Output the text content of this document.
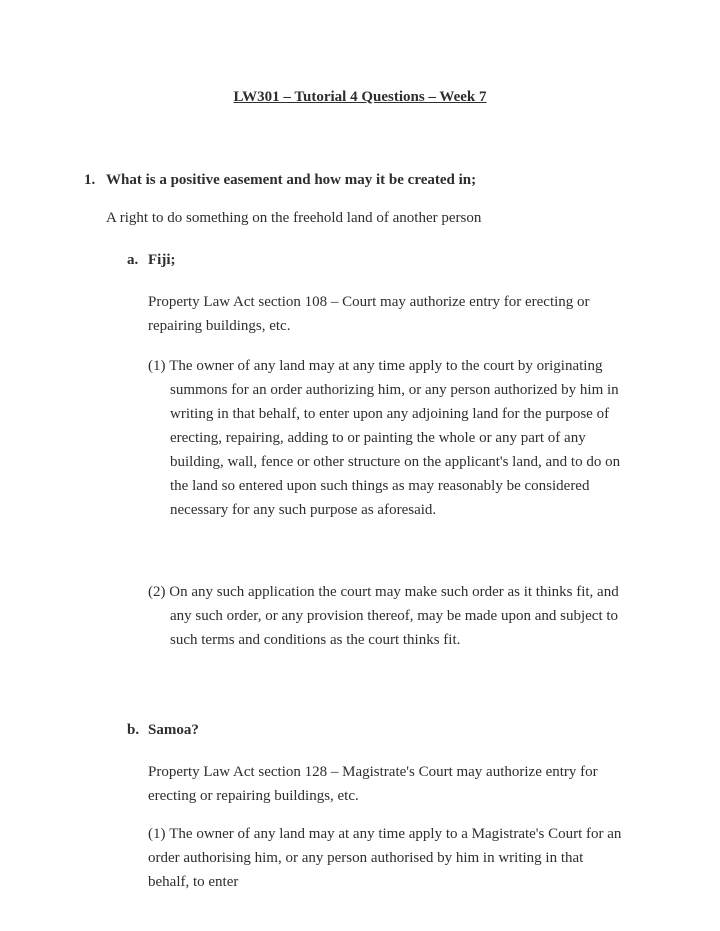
LW301 – Tutorial 4 Questions – Week 7

1. What is a positive easement and how may it be created in;

A right to do something on the freehold land of another person

a. Fiji;

Property Law Act section 108 – Court may authorize entry for erecting or repairing buildings, etc.

(1) The owner of any land may at any time apply to the court by originating summons for an order authorizing him, or any person authorized by him in writing in that behalf, to enter upon any adjoining land for the purpose of erecting, repairing, adding to or painting the whole or any part of any building, wall, fence or other structure on the applicant's land, and to do on the land so entered upon such things as may reasonably be considered necessary for any such purpose as aforesaid.

(2) On any such application the court may make such order as it thinks fit, and any such order, or any provision thereof, may be made upon and subject to such terms and conditions as the court thinks fit.

b. Samoa?

Property Law Act section 128 – Magistrate's Court may authorize entry for erecting or repairing buildings, etc.

(1) The owner of any land may at any time apply to a Magistrate's Court for an order authorising him, or any person authorised by him in writing in that behalf, to enter
